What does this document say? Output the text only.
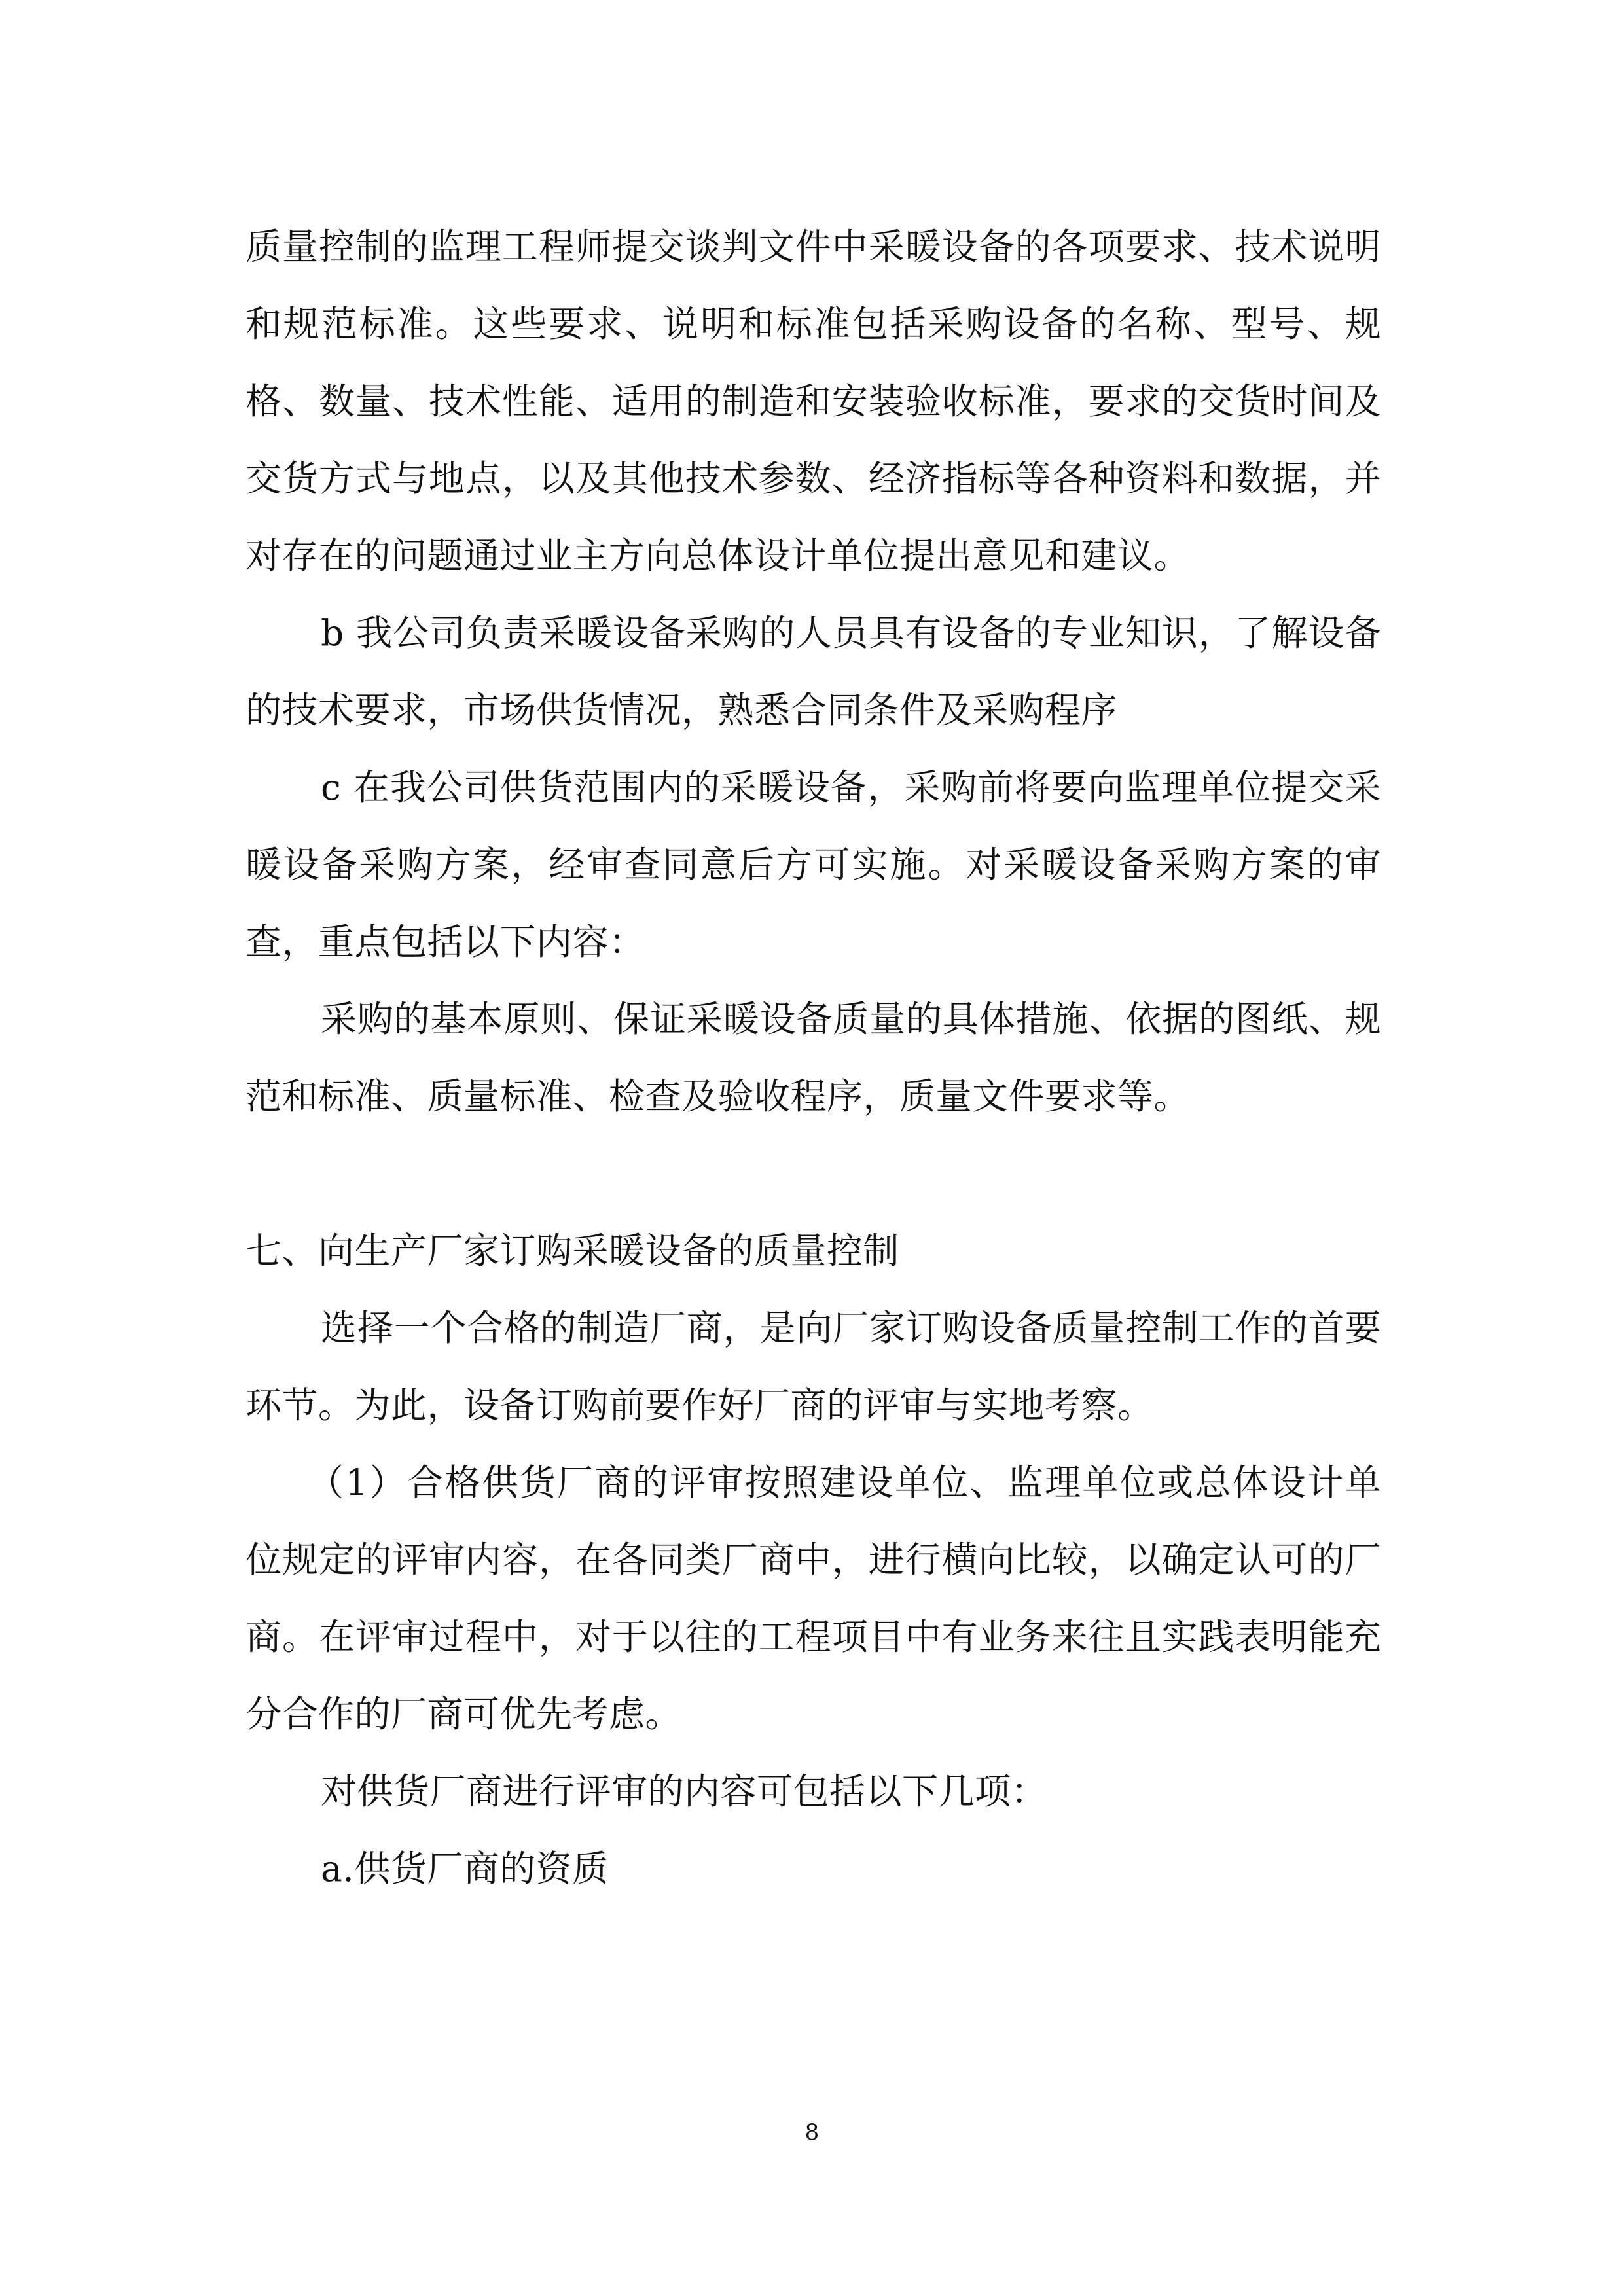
质量控制的监理工程师提交谈判文件中采暖设备的各项要求、技术说明和规范标准。这些要求、说明和标准包括采购设备的名称、型号、规格、数量、技术性能、适用的制造和安装验收标准，要求的交货时间及交货方式与地点，以及其他技术参数、经济指标等各种资料和数据，并对存在的问题通过业主方向总体设计单位提出意见和建议。

b 我公司负责采暖设备采购的人员具有设备的专业知识，了解设备的技术要求，市场供货情况，熟悉合同条件及采购程序

c 在我公司供货范围内的采暖设备，采购前将要向监理单位提交采暖设备采购方案，经审查同意后方可实施。对采暖设备采购方案的审查，重点包括以下内容：

采购的基本原则、保证采暖设备质量的具体措施、依据的图纸、规范和标准、质量标准、检查及验收程序，质量文件要求等。

七、向生产厂家订购采暖设备的质量控制

选择一个合格的制造厂商，是向厂家订购设备质量控制工作的首要环节。为此，设备订购前要作好厂商的评审与实地考察。

（1）合格供货厂商的评审按照建设单位、监理单位或总体设计单位规定的评审内容，在各同类厂商中，进行横向比较，以确定认可的厂商。在评审过程中，对于以往的工程项目中有业务来往且实践表明能充分合作的厂商可优先考虑。

对供货厂商进行评审的内容可包括以下几项：

a.供货厂商的资质

8
